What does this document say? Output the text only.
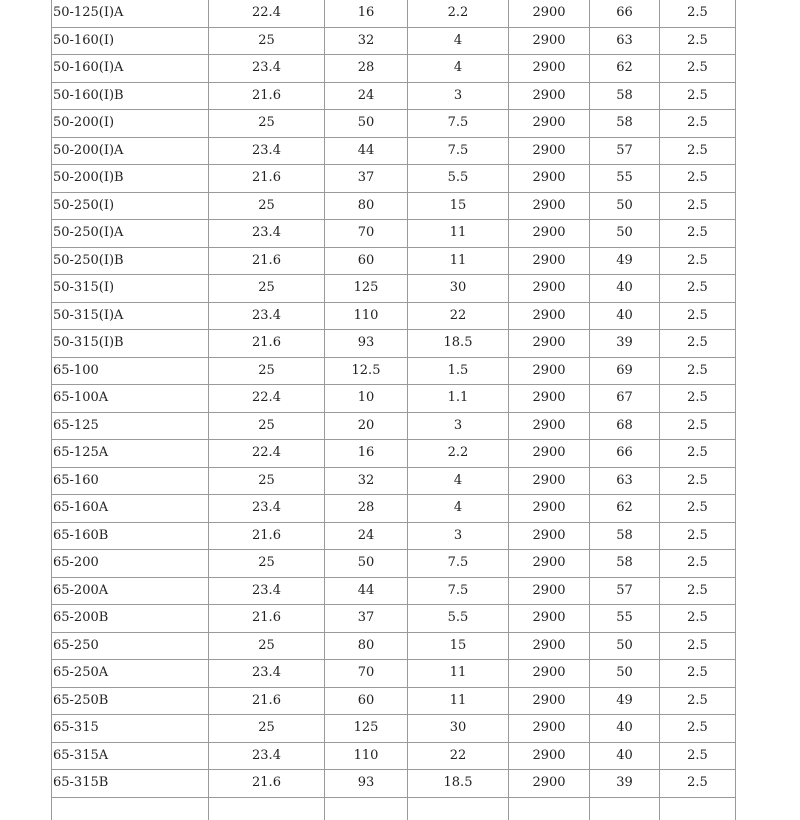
50-125(I)A	22.4	16	2.2	2900	66	2.5
50-160(I)	25	32	4	2900	63	2.5
50-160(I)A	23.4	28	4	2900	62	2.5
50-160(I)B	21.6	24	3	2900	58	2.5
50-200(I)	25	50	7.5	2900	58	2.5
50-200(I)A	23.4	44	7.5	2900	57	2.5
50-200(I)B	21.6	37	5.5	2900	55	2.5
50-250(I)	25	80	15	2900	50	2.5
50-250(I)A	23.4	70	11	2900	50	2.5
50-250(I)B	21.6	60	11	2900	49	2.5
50-315(I)	25	125	30	2900	40	2.5
50-315(I)A	23.4	110	22	2900	40	2.5
50-315(I)B	21.6	93	18.5	2900	39	2.5
65-100	25	12.5	1.5	2900	69	2.5
65-100A	22.4	10	1.1	2900	67	2.5
65-125	25	20	3	2900	68	2.5
65-125A	22.4	16	2.2	2900	66	2.5
65-160	25	32	4	2900	63	2.5
65-160A	23.4	28	4	2900	62	2.5
65-160B	21.6	24	3	2900	58	2.5
65-200	25	50	7.5	2900	58	2.5
65-200A	23.4	44	7.5	2900	57	2.5
65-200B	21.6	37	5.5	2900	55	2.5
65-250	25	80	15	2900	50	2.5
65-250A	23.4	70	11	2900	50	2.5
65-250B	21.6	60	11	2900	49	2.5
65-315	25	125	30	2900	40	2.5
65-315A	23.4	110	22	2900	40	2.5
65-315B	21.6	93	18.5	2900	39	2.5
